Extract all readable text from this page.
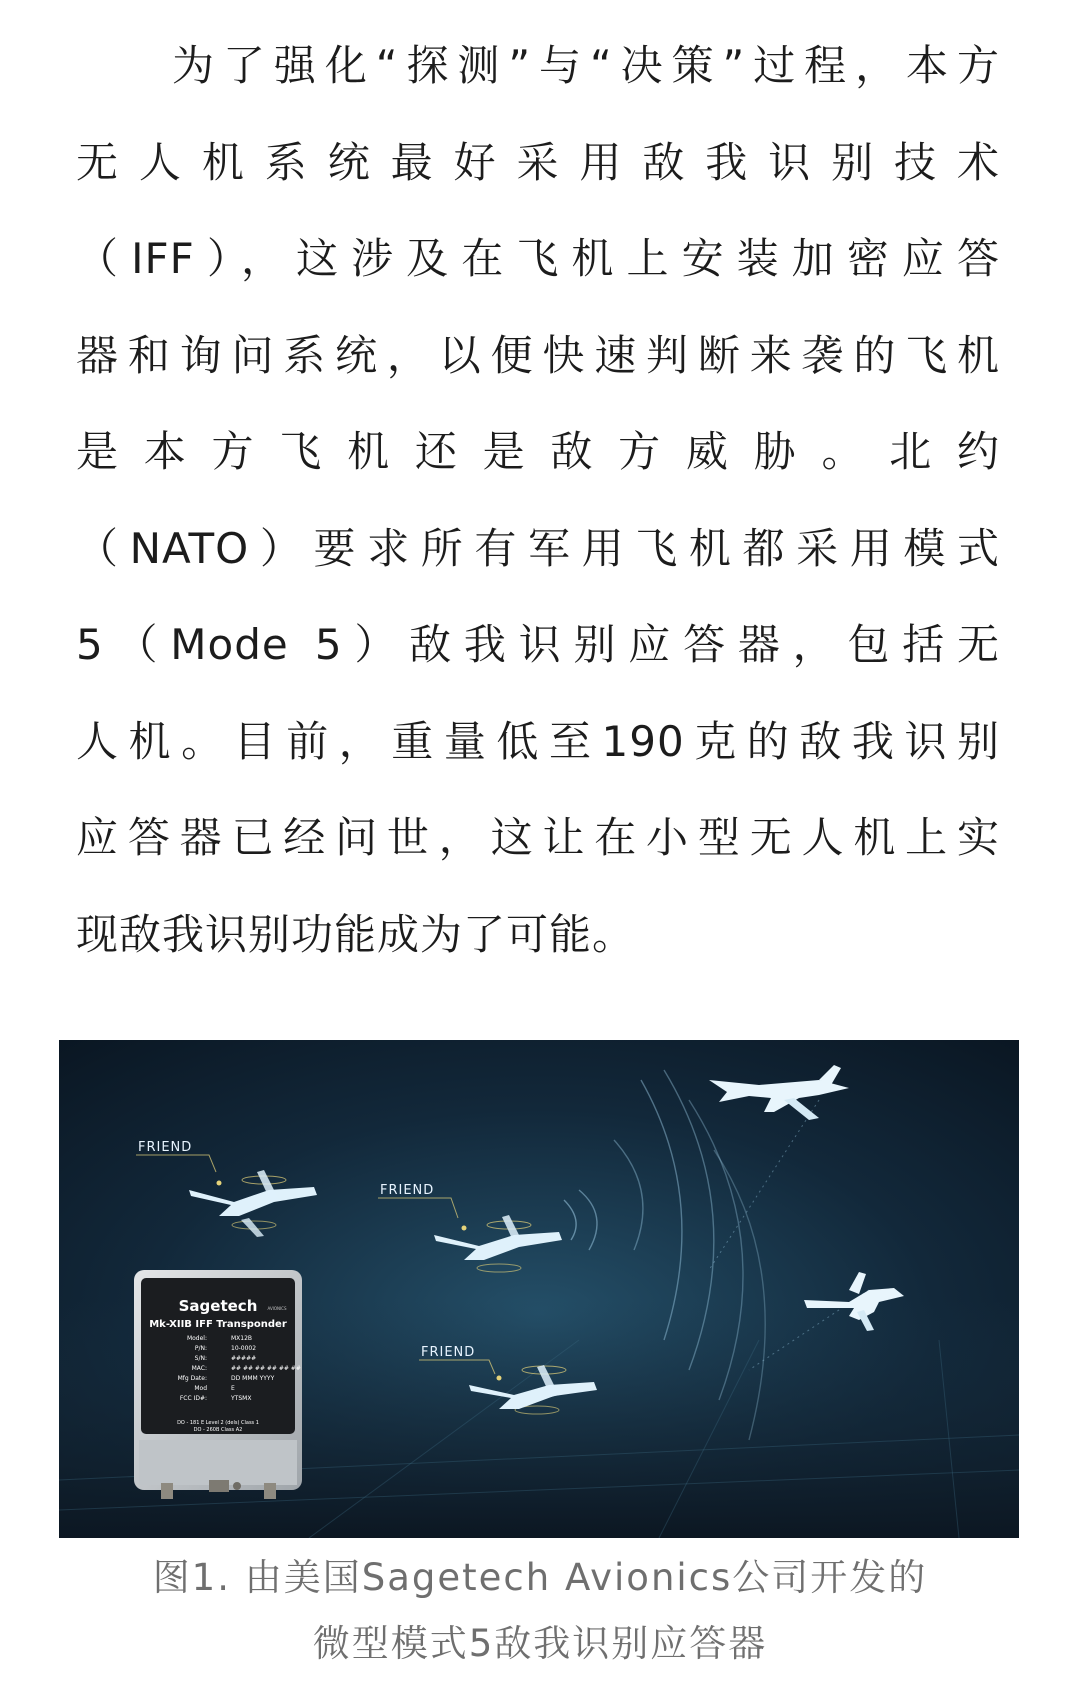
为了强化“探测”与“决策”过程，本方
无人机系统最好采用敌我识别技术
（IFF），这涉及在飞机上安装加密应答
器和询问系统，以便快速判断来袭的飞机
是本方飞机还是敌方威胁。北约
（NATO）要求所有军用飞机都采用模式
5（Mode 5）敌我识别应答器，包括无
人机。目前，重量低至190克的敌我识别
应答器已经问世，这让在小型无人机上实
现敌我识别功能成为了可能。
FRIEND
FRIEND
FRIEND
Sagetech	AVIONICS
Mk-XIIB IFF Transponder
Model:	MX12B
P/N:	10-0002
S/N:	#####
MAC:	## ## ## ## ## ##
Mfg Date:	DD MMM YYYY
Mod	E
FCC ID#:	YTSMX
DO - 181 E Level 2 (dels) Class 1
DO - 260B Class A2
图1. 由美国Sagetech Avionics公司开发的
微型模式5敌我识别应答器
